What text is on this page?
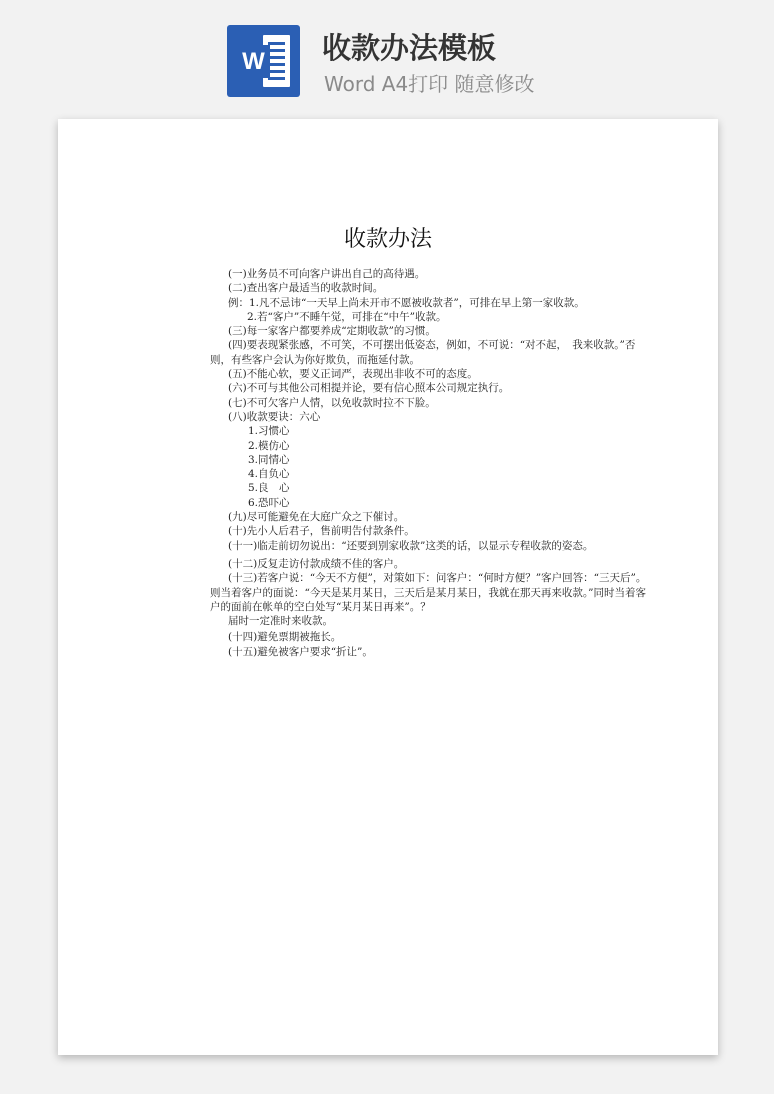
W 收款办法模板
Word A4打印 随意修改
收款办法

(一)业务员不可向客户讲出自己的高待遇。

(二)查出客户最适当的收款时间。

例：1.凡不忌讳“一天早上尚未开市不愿被收款者”，可排在早上第一家收款。

2.若“客户”不睡午觉，可排在“中午”收款。

(三)每一家客户都要养成“定期收款”的习惯。

(四)要表现紧张感，不可笑，不可摆出低姿态，例如，不可说：“对不起，　我来收款。”否则，有些客户会认为你好欺负，而拖延付款。

(五)不能心软，要义正词严，表现出非收不可的态度。

(六)不可与其他公司相提并论，要有信心照本公司规定执行。

(七)不可欠客户人情，以免收款时拉不下脸。

(八)收款要诀：六心

1.习惯心

2.模仿心

3.同情心

4.自负心

5.良　心

6.恐吓心

(九)尽可能避免在大庭广众之下催讨。

(十)先小人后君子，售前明告付款条件。

(十一)临走前切勿说出：“还要到别家收款”这类的话，以显示专程收款的姿态。

(十二)反复走访付款成绩不佳的客户。

(十三)若客户说：“今天不方便”，对策如下：问客户：“何时方便？”客户回答：“三天后”。则当着客户的面说：“今天是某月某日，三天后是某月某日，我就在那天再来收款。”同时当着客户的面前在帐单的空白处写“某月某日再来”。？

届时一定准时来收款。

(十四)避免票期被拖长。

(十五)避免被客户要求“折让”。
